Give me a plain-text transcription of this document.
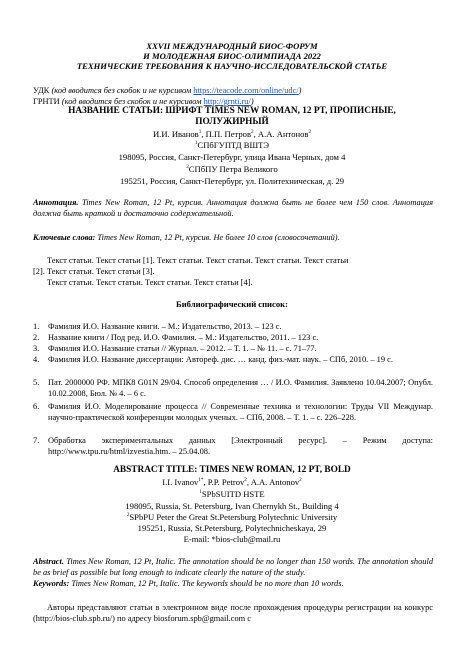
XXVII МЕЖДУНАРОДНЫЙ БИОС-ФОРУМ
И МОЛОДЕЖНАЯ БИОС-ОЛИМПИАДА 2022
ТЕХНИЧЕСКИЕ ТРЕБОВАНИЯ К НАУЧНО-ИССЛЕДОВАТЕЛЬСКОЙ СТАТЬЕ
УДК (код вводится без скобок и не курсивом https://teacode.com/online/udc/)
ГРНТИ (код вводится без скобок и не курсивом http://grnti.ru/)
НАЗВАНИЕ СТАТЬИ: ШРИФТ TIMES NEW ROMAN, 12 PT, ПРОПИСНЫЕ,
ПОЛУЖИРНЫЙ
И.И. Иванов$^1$, П.П. Петров$^2$, А.А. Антонов$^2$
$^1$СПбГУПТД ВШТЭ
198095, Россия, Санкт-Петербург, улица Ивана Черных, дом 4
$^2$СПбПУ Петра Великого
195251, Россия, Санкт-Петербург, ул. Политехническая, д. 29
Аннотация. Times New Roman, 12 Pt, курсив. Аннотация должна быть не более чем 150 слов. Аннотация должна быть краткой и достаточно содержательной.
Ключевые слова: Times New Roman, 12 Pt, курсив. Не более 10 слов (словосочетаний).
Текст статьи. Текст статьи [1]. Текст статьи. Текст статьи. Текст статьи. Текст статьи
[2]. Текст статьи. Текст статьи [3].
Текст статьи. Текст статьи. Текст статьи. Текст статьи [4].
Библиографический список:
1. Фамилия И.О. Название книги. – М.: Издательство, 2013. – 123 с.
2. Название книги / Под ред. И.О. Фамилия. – М.: Издательство, 2011. – 123 с.
3. Фамилия И.О. Название статьи // Журнал. – 2012. – Т. 1. – № 11. – с. 71–77.
4. Фамилия И.О. Название диссертации: Автореф. дис. … канд. физ.-мат. наук. – СПб, 2010. – 19 с.
5. Пат. 2000000 РФ. МПК8 G01N 29/04. Способ определения … / И.О. Фамилия. Заявлено 10.04.2007; Опубл. 10.02.2008, Бюл. № 4. – 6 с.
6. Фамилия И.О. Моделирование процесса // Современные техника и технологии: Труды VII Междунар. научно-практической конференции молодых ученых. – СПб, 2008. – Т. 1. – с. 226–228.
7. Обработка экспериментальных данных [Электронный ресурс]. – Режим доступа: http://www.tpu.ru/html/izvestia.htm. – 25.04.08.
ABSTRACT TITLE: TIMES NEW ROMAN, 12 PT, BOLD
I.I. Ivanov$^{1*}$, P.P. Petrov$^2$, A.A. Antonov$^2$
$^1$SPbSUITD HSTE
198095, Russia, St. Petersburg, Ivan Chernykh St., Building 4
$^2$SPbPU Peter the Great St.Petersburg Polytechnic University
195251, Russia, St.Petersburg, Polytechnicheskaya, 29
E-mail: *bios-club@mail.ru
Abstract. Times New Roman, 12 Pt, Italic. The annotation should be no longer than 150 words. The annotation should be as brief as possible but long enough to indicate clearly the nature of the study.
Keywords: Times New Roman, 12 Pt, Italic. The keywords should be no more than 10 words.
Авторы представляют статьи в электронном виде после прохождения процедуры регистрации на конкурс (http://bios-club.spb.ru/) по адресу biosforum.spb@gmail.com с
